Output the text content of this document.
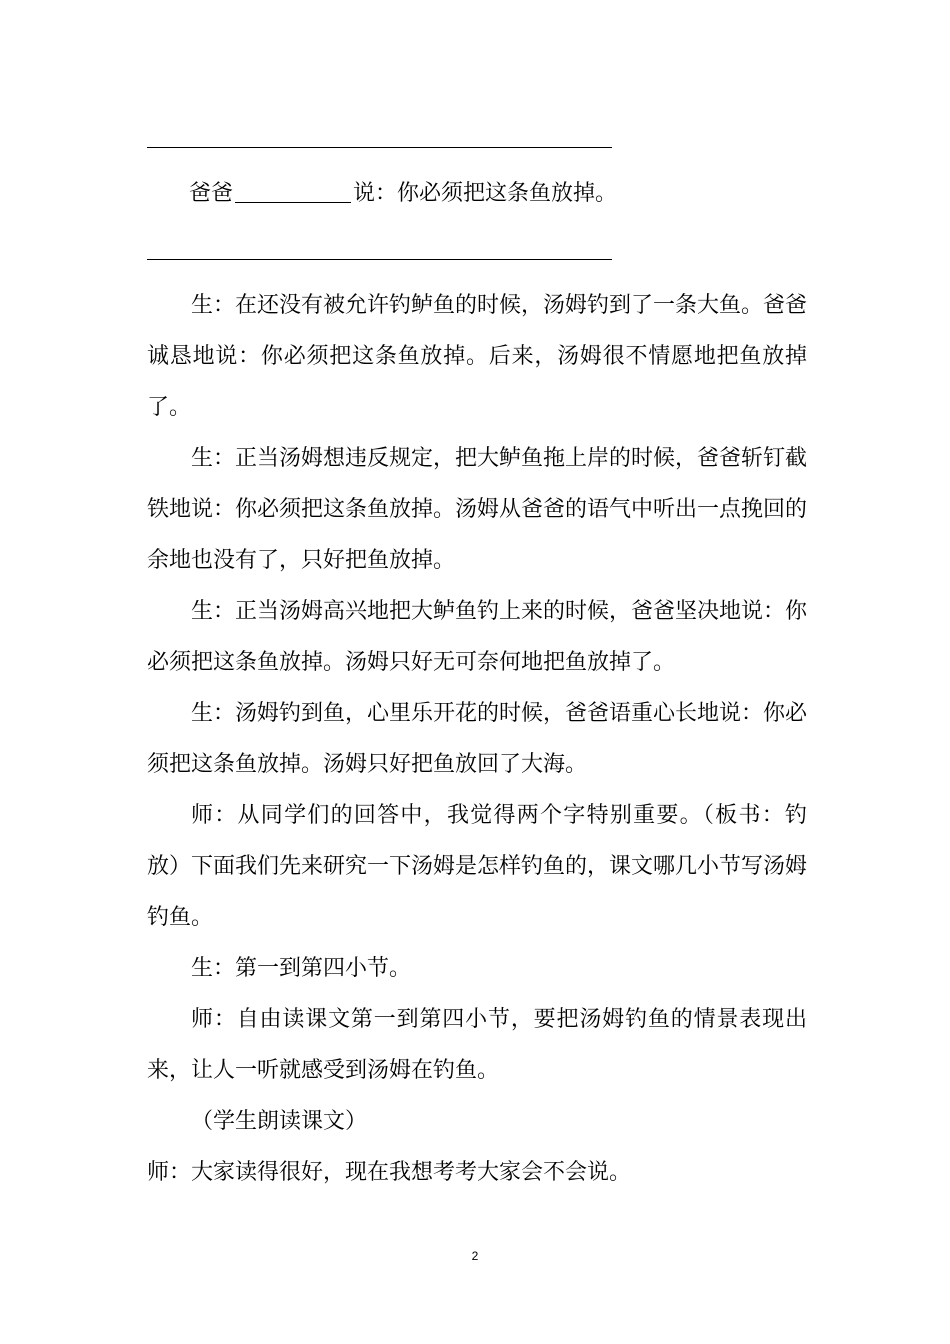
爸爸	说：你必须把这条鱼放掉。

生：在还没有被允许钓鲈鱼的时候，汤姆钓到了一条大鱼。爸爸诚恳地说：你必须把这条鱼放掉。后来，汤姆很不情愿地把鱼放掉了。

生：正当汤姆想违反规定，把大鲈鱼拖上岸的时候，爸爸斩钉截铁地说：你必须把这条鱼放掉。汤姆从爸爸的语气中听出一点挽回的余地也没有了，只好把鱼放掉。

生：正当汤姆高兴地把大鲈鱼钓上来的时候，爸爸坚决地说：你必须把这条鱼放掉。汤姆只好无可奈何地把鱼放掉了。

生：汤姆钓到鱼，心里乐开花的时候，爸爸语重心长地说：你必须把这条鱼放掉。汤姆只好把鱼放回了大海。

师：从同学们的回答中，我觉得两个字特别重要。（板书：钓放）下面我们先来研究一下汤姆是怎样钓鱼的，课文哪几小节写汤姆钓鱼。

生：第一到第四小节。

师：自由读课文第一到第四小节，要把汤姆钓鱼的情景表现出来，让人一听就感受到汤姆在钓鱼。

（学生朗读课文）

师：大家读得很好，现在我想考考大家会不会说。

2
